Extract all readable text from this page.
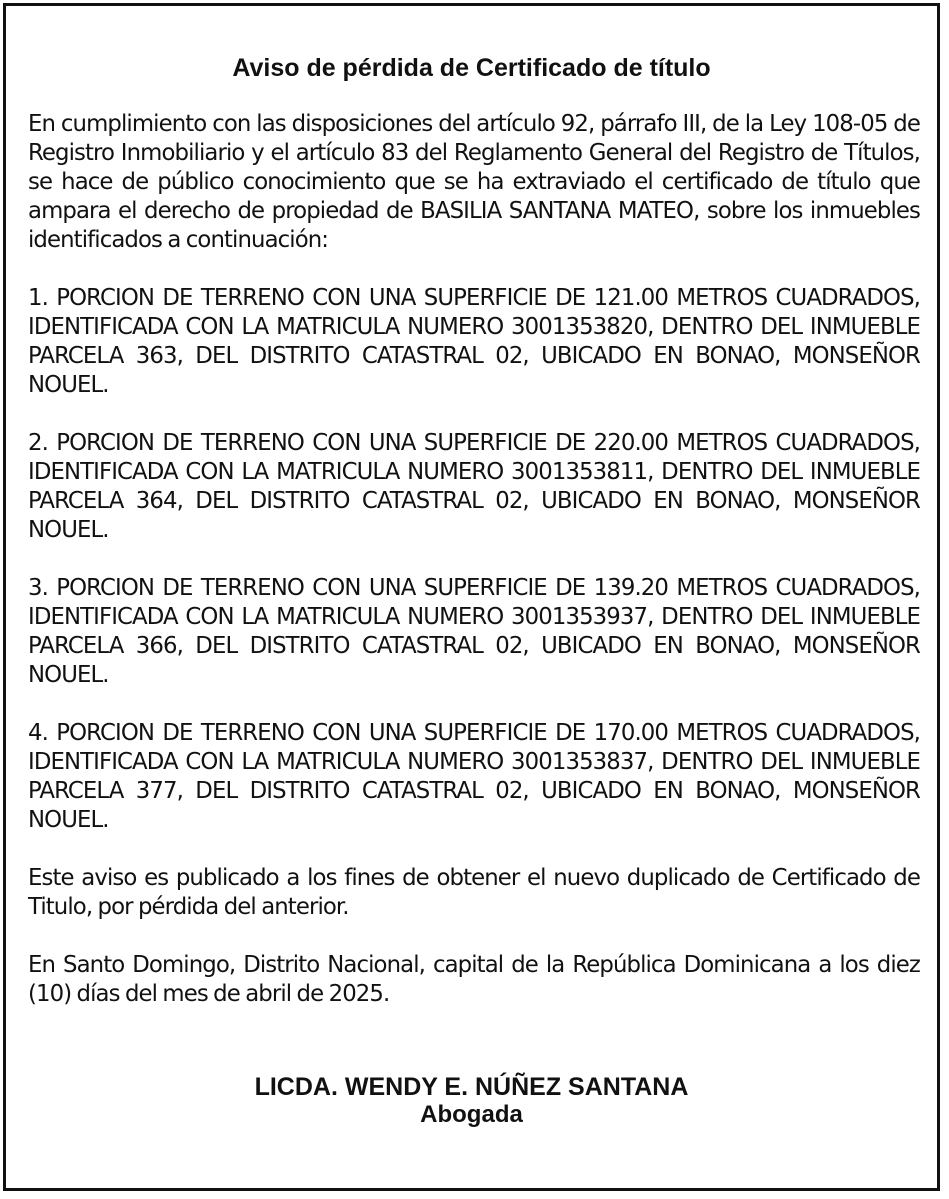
Aviso de pérdida de Certificado de título

En cumplimiento con las disposiciones del artículo 92, párrafo III, de la Ley 108-05 de Registro Inmobiliario y el artículo 83 del Reglamento General del Registro de Títulos, se hace de público conocimiento que se ha extraviado el certificado de título que ampara el derecho de propiedad de BASILIA SANTANA MATEO, sobre los inmuebles identificados a continuación:

1. PORCION DE TERRENO CON UNA SUPERFICIE DE 121.00 METROS CUADRADOS, IDENTIFICADA CON LA MATRICULA NUMERO 3001353820, DENTRO DEL INMUEBLE PARCELA 363, DEL DISTRITO CATASTRAL 02, UBICADO EN BONAO, MONSEÑOR NOUEL.

2. PORCION DE TERRENO CON UNA SUPERFICIE DE 220.00 METROS CUADRADOS, IDENTIFICADA CON LA MATRICULA NUMERO 3001353811, DENTRO DEL INMUEBLE PARCELA 364, DEL DISTRITO CATASTRAL 02, UBICADO EN BONAO, MONSEÑOR NOUEL.

3. PORCION DE TERRENO CON UNA SUPERFICIE DE 139.20 METROS CUADRADOS, IDENTIFICADA CON LA MATRICULA NUMERO 3001353937, DENTRO DEL INMUEBLE PARCELA 366, DEL DISTRITO CATASTRAL 02, UBICADO EN BONAO, MONSEÑOR NOUEL.

4. PORCION DE TERRENO CON UNA SUPERFICIE DE 170.00 METROS CUADRADOS, IDENTIFICADA CON LA MATRICULA NUMERO 3001353837, DENTRO DEL INMUEBLE PARCELA 377, DEL DISTRITO CATASTRAL 02, UBICADO EN BONAO, MONSEÑOR NOUEL.

Este aviso es publicado a los fines de obtener el nuevo duplicado de Certificado de Titulo, por pérdida del anterior.

En Santo Domingo, Distrito Nacional, capital de la República Dominicana a los diez (10) días del mes de abril de 2025.

LICDA. WENDY E. NÚÑEZ SANTANA
Abogada
